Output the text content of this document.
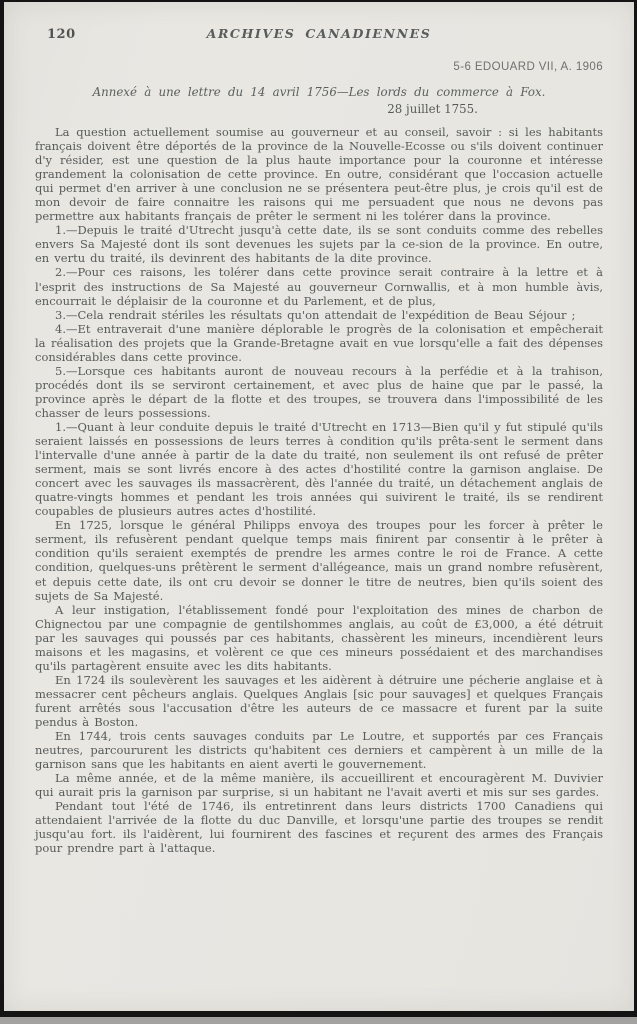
120	ARCHIVES CANADIENNES
5-6 EDOUARD VII, A. 1906
Annexé à une lettre du 14 avril 1756—Les lords du commerce à Fox.
28 juillet 1755.

La question actuellement soumise au gouverneur et au conseil, savoir : si les habitants français doivent être déportés de la province de la Nouvelle-Ecosse ou s'ils doivent continuer d'y résider, est une question de la plus haute importance pour la couronne et intéresse grandement la colonisation de cette province. En outre, considérant que l'occasion actuelle qui permet d'en arriver à une conclusion ne se présentera peut-être plus, je crois qu'il est de mon devoir de faire connaitre les raisons qui me persuadent que nous ne devons pas permettre aux habitants français de prêter le serment ni les tolérer dans la province.

1.—Depuis le traité d'Utrecht jusqu'à cette date, ils se sont conduits comme des rebelles envers Sa Majesté dont ils sont devenues les sujets par la ce-sion de la province. En outre, en vertu du traité, ils devinrent des habitants de la dite province.

2.—Pour ces raisons, les tolérer dans cette province serait contraire à la lettre et à l'esprit des instructions de Sa Majesté au gouverneur Cornwallis, et à mon humble àvis, encourrait le déplaisir de la couronne et du Parlement, et de plus,

3.—Cela rendrait stériles les résultats qu'on attendait de l'expédition de Beau Séjour ;

4.—Et entraverait d'une manière déplorable le progrès de la colonisation et empêcherait la réalisation des projets que la Grande-Bretagne avait en vue lorsqu'elle a fait des dépenses considérables dans cette province.

5.—Lorsque ces habitants auront de nouveau recours à la perfédie et à la trahison, procédés dont ils se serviront certainement, et avec plus de haine que par le passé, la province après le départ de la flotte et des troupes, se trouvera dans l'impossibilité de les chasser de leurs possessions.

1.—Quant à leur conduite depuis le traité d'Utrecht en 1713—Bien qu'il y fut stipulé qu'ils seraient laissés en possessions de leurs terres à condition qu'ils prêta-sent le serment dans l'intervalle d'une année à partir de la date du traité, non seulement ils ont refusé de prêter serment, mais se sont livrés encore à des actes d'hostilité contre la garnison anglaise. De concert avec les sauvages ils massacrèrent, dès l'année du traité, un détachement anglais de quatre-vingts hommes et pendant les trois années qui suivirent le traité, ils se rendirent coupables de plusieurs autres actes d'hostilité.

En 1725, lorsque le général Philipps envoya des troupes pour les forcer à prêter le serment, ils refusèrent pendant quelque temps mais finirent par consentir à le prêter à condition qu'ils seraient exemptés de prendre les armes contre le roi de France. A cette condition, quelques-uns prêtèrent le serment d'allégeance, mais un grand nombre refusèrent, et depuis cette date, ils ont cru devoir se donner le titre de neutres, bien qu'ils soient des sujets de Sa Majesté.

A leur instigation, l'établissement fondé pour l'exploitation des mines de charbon de Chignectou par une compagnie de gentilshommes anglais, au coût de £3,000, a été détruit par les sauvages qui poussés par ces habitants, chassèrent les mineurs, incendièrent leurs maisons et les magasins, et volèrent ce que ces mineurs possédaient et des marchandises qu'ils partagèrent ensuite avec les dits habitants.

En 1724 ils soulevèrent les sauvages et les aidèrent à détruire une pécherie anglaise et à messacrer cent pêcheurs anglais. Quelques Anglais [sic pour sauvages] et quelques Français furent arrêtés sous l'accusation d'être les auteurs de ce massacre et furent par la suite pendus à Boston.

En 1744, trois cents sauvages conduits par Le Loutre, et supportés par ces Français neutres, parcoururent les districts qu'habitent ces derniers et campèrent à un mille de la garnison sans que les habitants en aient averti le gouvernement.

La même année, et de la même manière, ils accueillirent et encouragèrent M. Duvivier qui aurait pris la garnison par surprise, si un habitant ne l'avait averti et mis sur ses gardes.

Pendant tout l'été de 1746, ils entretinrent dans leurs districts 1700 Canadiens qui attendaient l'arrivée de la flotte du duc Danville, et lorsqu'une partie des troupes se rendit jusqu'au fort. ils l'aidèrent, lui fournirent des fascines et reçurent des armes des Français pour prendre part à l'attaque.
